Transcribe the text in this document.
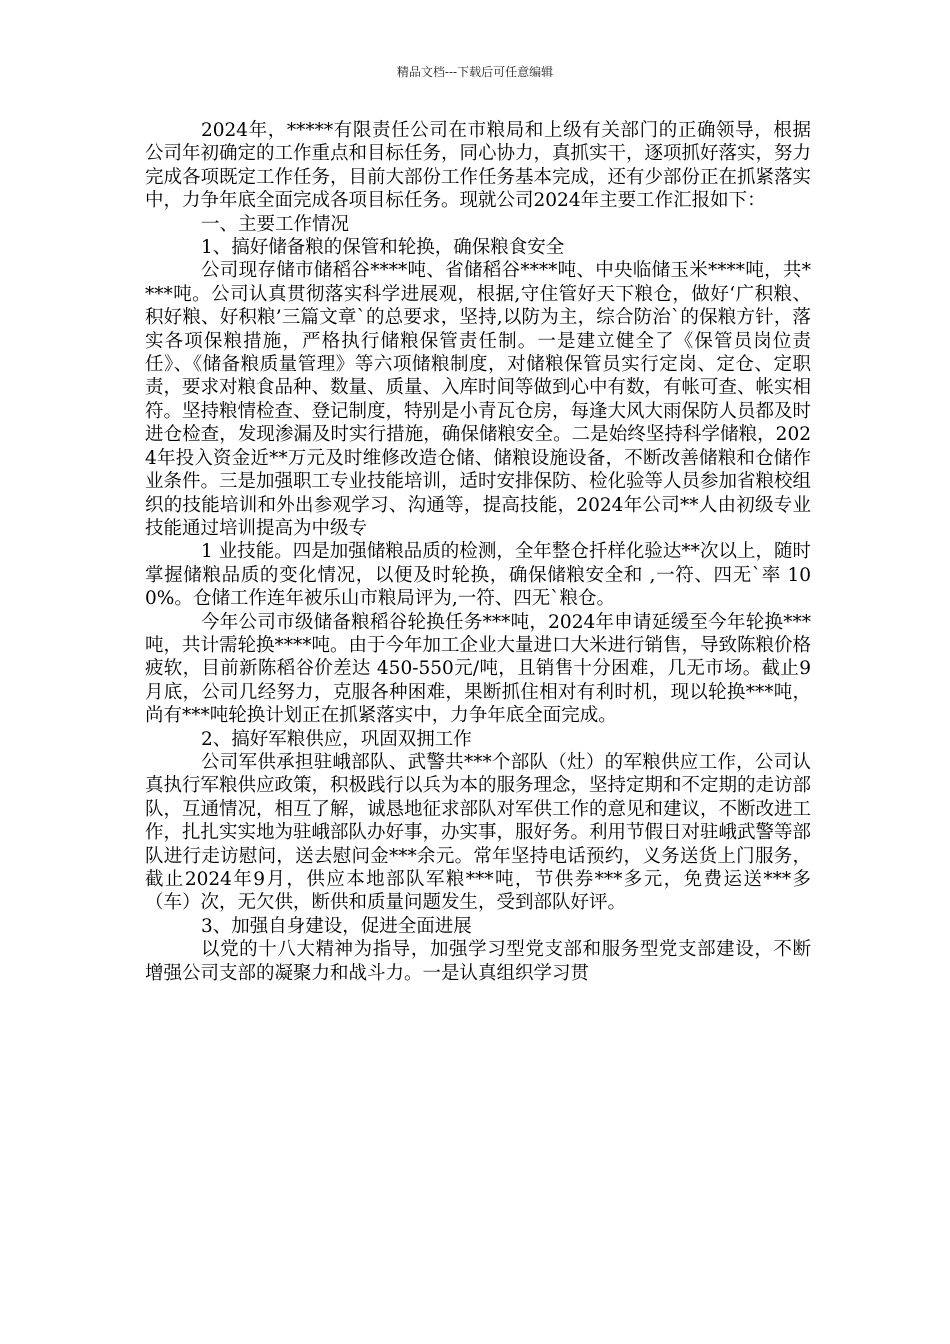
精品文档---下载后可任意编辑

2024年，*****有限责任公司在市粮局和上级有关部门的正确领导，根据公司年初确定的工作重点和目标任务，同心协力，真抓实干，逐项抓好落实，努力完成各项既定工作任务，目前大部份工作任务基本完成，还有少部份正在抓紧落实中，力争年底全面完成各项目标任务。现就公司2024年主要工作汇报如下：

一、主要工作情况

1、搞好储备粮的保管和轮换，确保粮食安全

公司现存储市储稻谷****吨、省储稻谷****吨、中央临储玉米****吨，共****吨。公司认真贯彻落实科学进展观，根据,守住管好天下粮仓，做好‘广积粮、积好粮、好积粮’三篇文章`的总要求，坚持,以防为主，综合防治`的保粮方针，落实各项保粮措施，严格执行储粮保管责任制。一是建立健全了《保管员岗位责任》、《储备粮质量管理》等六项储粮制度，对储粮保管员实行定岗、定仓、定职责，要求对粮食品种、数量、质量、入库时间等做到心中有数，有帐可查、帐实相符。坚持粮情检查、登记制度，特别是小青瓦仓房，每逢大风大雨保防人员都及时进仓检查，发现渗漏及时实行措施，确保储粮安全。二是始终坚持科学储粮，2024年投入资金近**万元及时维修改造仓储、储粮设施设备，不断改善储粮和仓储作业条件。三是加强职工专业技能培训，适时安排保防、检化验等人员参加省粮校组织的技能培训和外出参观学习、沟通等，提高技能，2024年公司**人由初级专业技能通过培训提高为中级专

1 业技能。四是加强储粮品质的检测，全年整仓扦样化验达**次以上，随时掌握储粮品质的变化情况，以便及时轮换，确保储粮安全和 ,一符、四无`率 100%。仓储工作连年被乐山市粮局评为,一符、四无`粮仓。

今年公司市级储备粮稻谷轮换任务***吨，2024年申请延缓至今年轮换***吨，共计需轮换****吨。由于今年加工企业大量进口大米进行销售，导致陈粮价格疲软，目前新陈稻谷价差达 450-550元/吨，且销售十分困难，几无市场。截止9月底，公司几经努力，克服各种困难，果断抓住相对有利时机，现以轮换***吨，尚有***吨轮换计划正在抓紧落实中，力争年底全面完成。

2、搞好军粮供应，巩固双拥工作

公司军供承担驻峨部队、武警共***个部队（灶）的军粮供应工作，公司认真执行军粮供应政策，积极践行以兵为本的服务理念，坚持定期和不定期的走访部队，互通情况，相互了解，诚恳地征求部队对军供工作的意见和建议，不断改进工作，扎扎实实地为驻峨部队办好事，办实事，服好务。利用节假日对驻峨武警等部队进行走访慰问，送去慰问金***余元。常年坚持电话预约，义务送货上门服务，截止2024年9月，供应本地部队军粮***吨，节供券***多元，免费运送***多（车）次，无欠供，断供和质量问题发生，受到部队好评。

3、加强自身建设，促进全面进展

以党的十八大精神为指导，加强学习型党支部和服务型党支部建设，不断增强公司支部的凝聚力和战斗力。一是认真组织学习贯
